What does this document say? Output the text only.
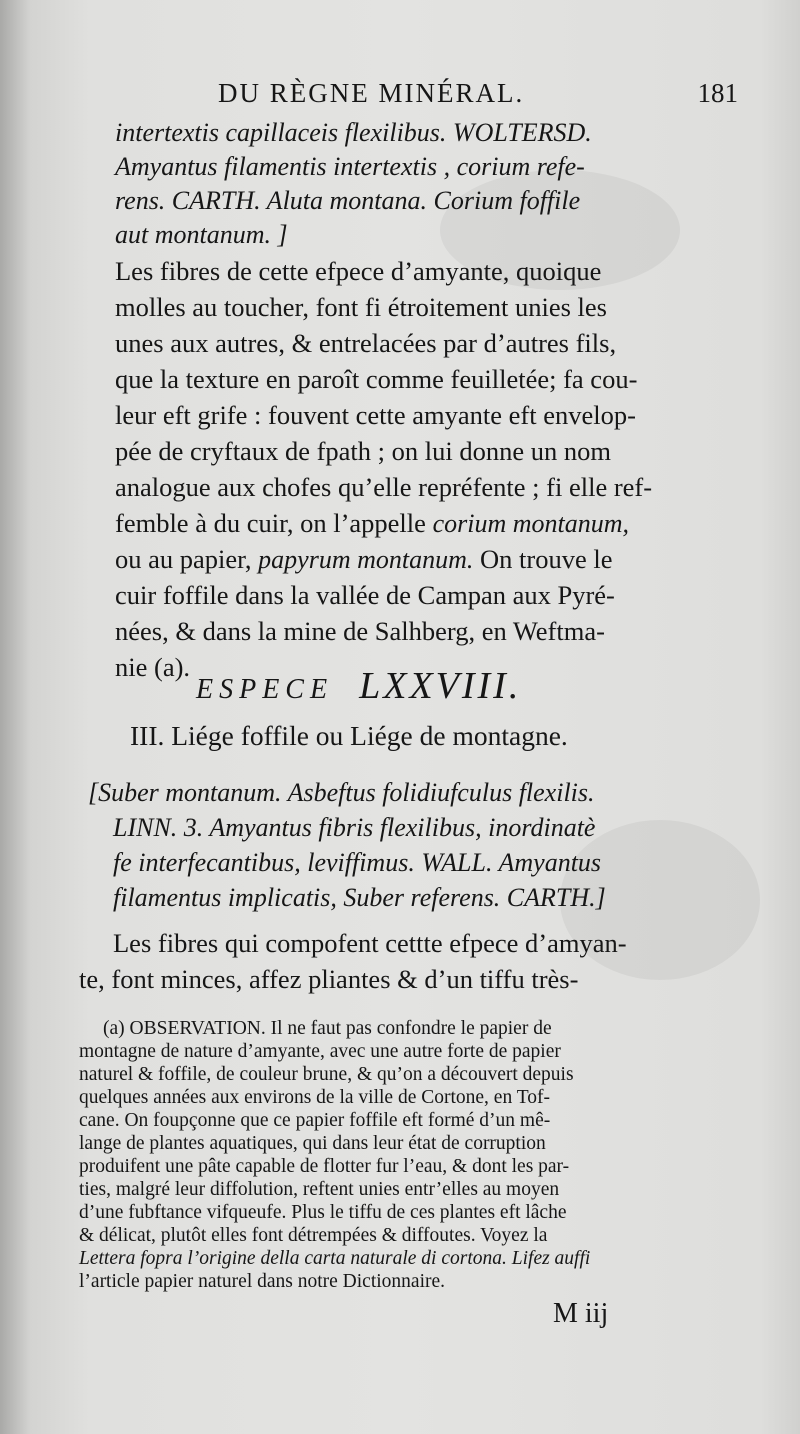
DU RÈGNE MINÉRAL.	181
intertextis capillaceis flexilibus. WOLTERSD.
Amyantus filamentis intertextis , corium refe-
rens. CARTH. Aluta montana. Corium foffile
aut montanum. ]
Les fibres de cette efpece d’amyante, quoique
molles au toucher, font fi étroitement unies les
unes aux autres, & entrelacées par d’autres fils,
que la texture en paroît comme feuilletée; fa cou-
leur eft grife : fouvent cette amyante eft envelop-
pée de cryftaux de fpath ; on lui donne un nom
analogue aux chofes qu’elle repréfente ; fi elle ref-
femble à du cuir, on l’appelle corium montanum,
ou au papier, papyrum montanum. On trouve le
cuir foffile dans la vallée de Campan aux Pyré-
nées, & dans la mine de Salhberg, en Weftma-
nie (a).
ESPECE LXXVIII.
III. Liége foffile ou Liége de montagne.
[Suber montanum. Asbeftus folidiufculus flexilis.
LINN. 3. Amyantus fibris flexilibus, inordinatè
fe interfecantibus, leviffimus. WALL. Amyantus
filamentus implicatis, Suber referens. CARTH.]
Les fibres qui compofent cettte efpece d’amyan-
te, font minces, affez pliantes & d’un tiffu très-
(a) OBSERVATION. Il ne faut pas confondre le papier de
montagne de nature d’amyante, avec une autre forte de papier
naturel & foffile, de couleur brune, & qu’on a découvert depuis
quelques années aux environs de la ville de Cortone, en Tof-
cane. On foupçonne que ce papier foffile eft formé d’un mê-
lange de plantes aquatiques, qui dans leur état de corruption
produifent une pâte capable de flotter fur l’eau, & dont les par-
ties, malgré leur diffolution, reftent unies entr’elles au moyen
d’une fubftance vifqueufe. Plus le tiffu de ces plantes eft lâche
& délicat, plutôt elles font détrempées & diffoutes. Voyez la
Lettera fopra l’origine della carta naturale di cortona. Lifez auffi
l’article papier naturel dans notre Dictionnaire.
M iij
